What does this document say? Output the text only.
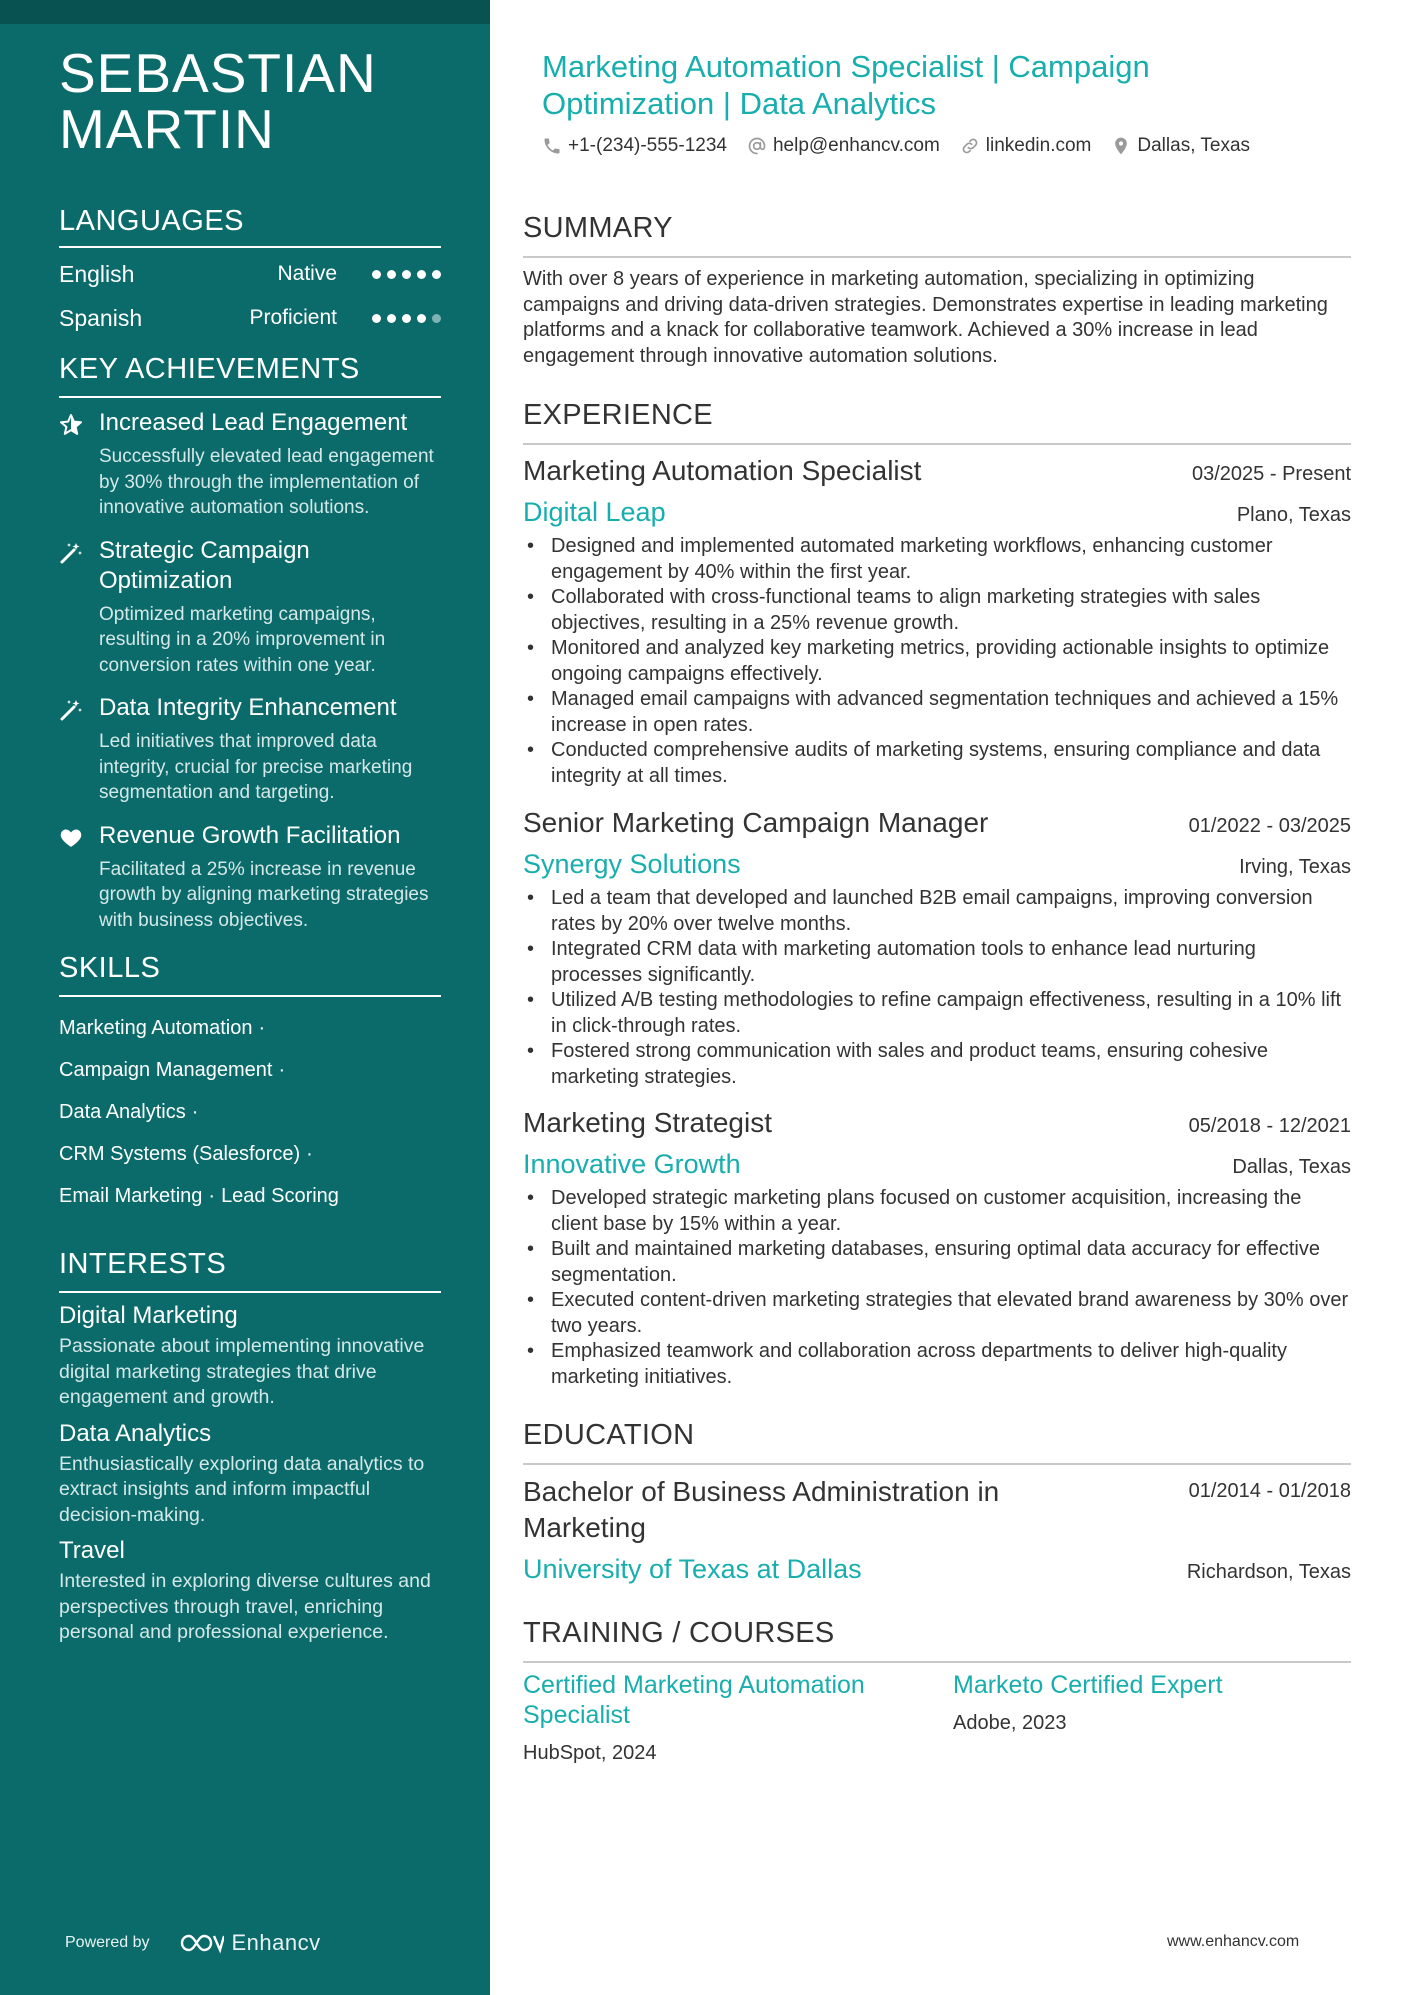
SEBASTIAN
MARTIN
LANGUAGES
English	Native
Spanish	Proficient
KEY ACHIEVEMENTS
Increased Lead Engagement
Successfully elevated lead engagement by 30% through the implementation of innovative automation solutions.
Strategic Campaign Optimization
Optimized marketing campaigns, resulting in a 20% improvement in conversion rates within one year.
Data Integrity Enhancement
Led initiatives that improved data integrity, crucial for precise marketing segmentation and targeting.
Revenue Growth Facilitation
Facilitated a 25% increase in revenue growth by aligning marketing strategies with business objectives.
SKILLS
Marketing Automation ·
Campaign Management ·
Data Analytics ·
CRM Systems (Salesforce) ·
Email Marketing · Lead Scoring
INTERESTS
Digital Marketing
Passionate about implementing innovative digital marketing strategies that drive engagement and growth.
Data Analytics
Enthusiastically exploring data analytics to extract insights and inform impactful decision-making.
Travel
Interested in exploring diverse cultures and perspectives through travel, enriching personal and professional experience.
Powered by	Enhancv
Marketing Automation Specialist | Campaign Optimization | Data Analytics
+1-(234)-555-1234 help@enhancv.com linkedin.com Dallas, Texas
SUMMARY
With over 8 years of experience in marketing automation, specializing in optimizing campaigns and driving data-driven strategies. Demonstrates expertise in leading marketing platforms and a knack for collaborative teamwork. Achieved a 30% increase in lead engagement through innovative automation solutions.
EXPERIENCE
Marketing Automation Specialist	03/2025 - Present
Digital Leap	Plano, Texas
• Designed and implemented automated marketing workflows, enhancing customer engagement by 40% within the first year.
• Collaborated with cross-functional teams to align marketing strategies with sales objectives, resulting in a 25% revenue growth.
• Monitored and analyzed key marketing metrics, providing actionable insights to optimize ongoing campaigns effectively.
• Managed email campaigns with advanced segmentation techniques and achieved a 15% increase in open rates.
• Conducted comprehensive audits of marketing systems, ensuring compliance and data integrity at all times.
Senior Marketing Campaign Manager	01/2022 - 03/2025
Synergy Solutions	Irving, Texas
• Led a team that developed and launched B2B email campaigns, improving conversion rates by 20% over twelve months.
• Integrated CRM data with marketing automation tools to enhance lead nurturing processes significantly.
• Utilized A/B testing methodologies to refine campaign effectiveness, resulting in a 10% lift in click-through rates.
• Fostered strong communication with sales and product teams, ensuring cohesive marketing strategies.
Marketing Strategist	05/2018 - 12/2021
Innovative Growth	Dallas, Texas
• Developed strategic marketing plans focused on customer acquisition, increasing the client base by 15% within a year.
• Built and maintained marketing databases, ensuring optimal data accuracy for effective segmentation.
• Executed content-driven marketing strategies that elevated brand awareness by 30% over two years.
• Emphasized teamwork and collaboration across departments to deliver high-quality marketing initiatives.
EDUCATION
Bachelor of Business Administration in Marketing
01/2014 - 01/2018
University of Texas at Dallas	Richardson, Texas
TRAINING / COURSES
Certified Marketing Automation Specialist
HubSpot, 2024
Marketo Certified Expert
Adobe, 2023
www.enhancv.com
